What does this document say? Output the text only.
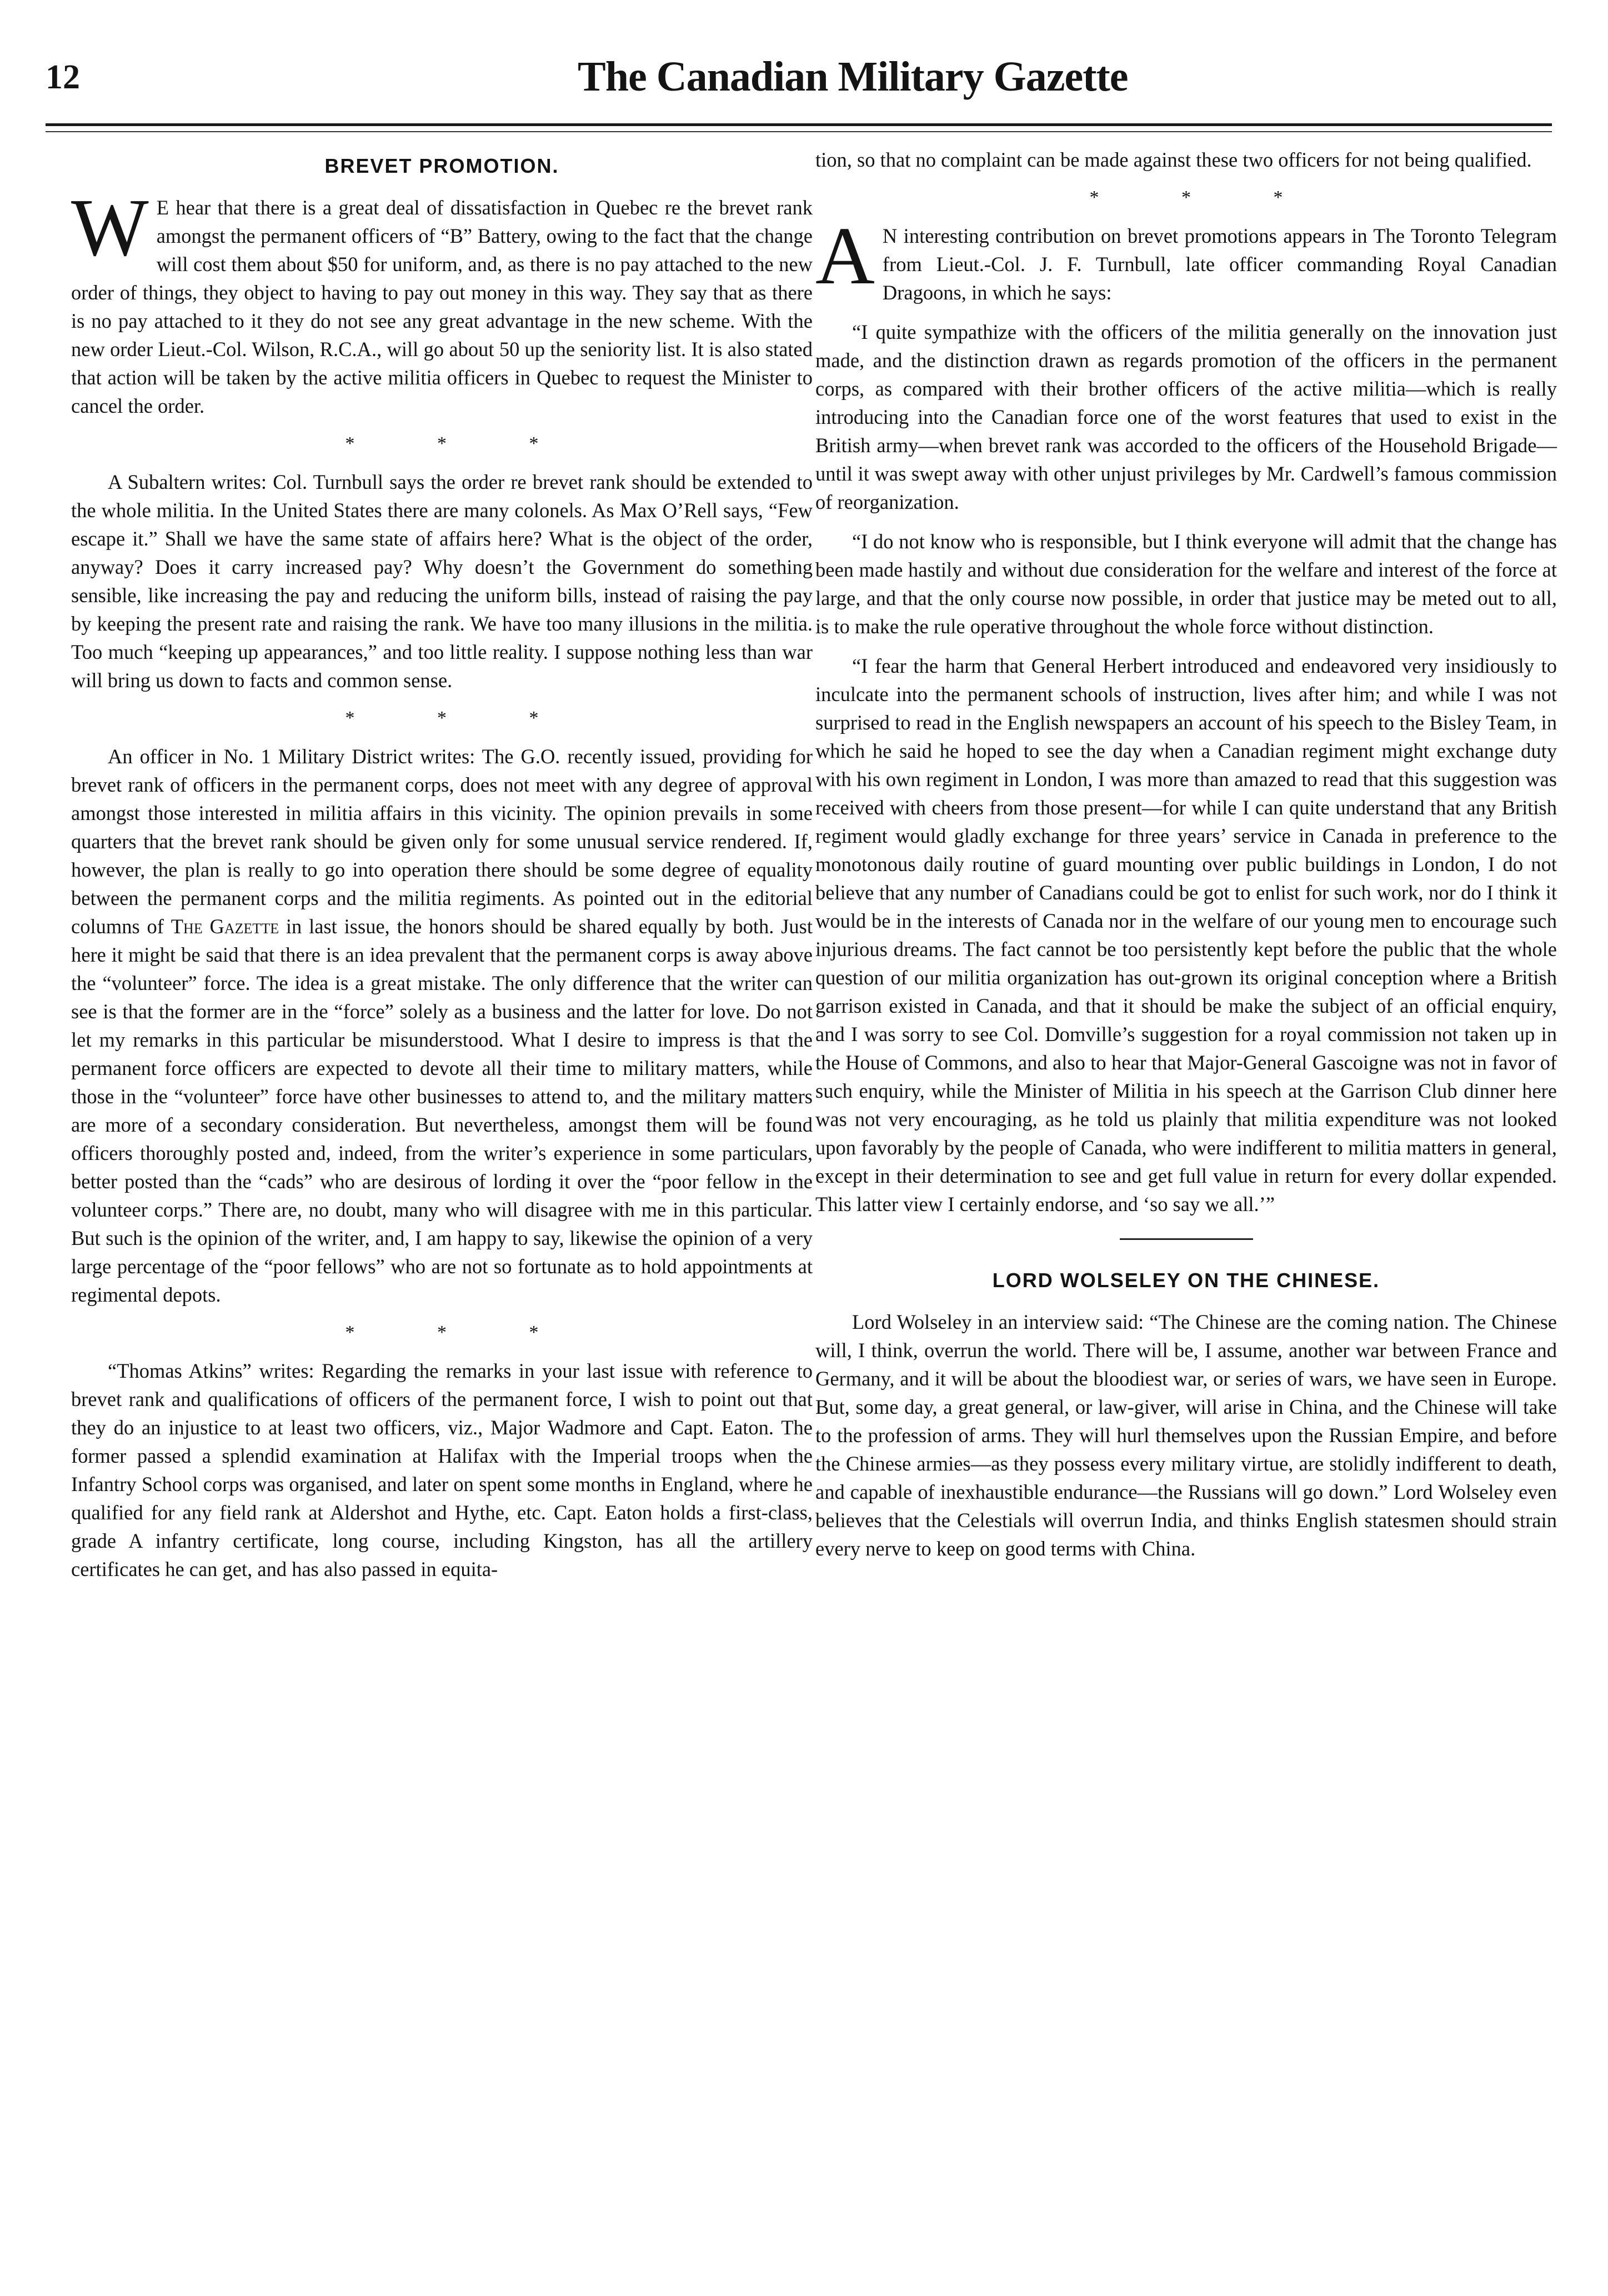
12	The Canadian Military Gazette
BREVET PROMOTION.

WE hear that there is a great deal of dissatisfaction in Quebec re the brevet rank amongst the permanent officers of “B” Battery, owing to the fact that the change will cost them about $50 for uniform, and, as there is no pay attached to the new order of things, they object to having to pay out money in this way. They say that as there is no pay attached to it they do not see any great advantage in the new scheme. With the new order Lieut.-Col. Wilson, R.C.A., will go about 50 up the seniority list. It is also stated that action will be taken by the active militia officers in Quebec to request the Minister to cancel the order.

* * *

A Subaltern writes: Col. Turnbull says the order re brevet rank should be extended to the whole militia. In the United States there are many colonels. As Max O’Rell says, “Few escape it.” Shall we have the same state of affairs here? What is the object of the order, anyway? Does it carry increased pay? Why doesn’t the Government do something sensible, like increasing the pay and reducing the uniform bills, instead of raising the pay by keeping the present rate and raising the rank. We have too many illusions in the militia. Too much “keeping up appearances,” and too little reality. I suppose nothing less than war will bring us down to facts and common sense.

* * *

An officer in No. 1 Military District writes: The G.O. recently issued, providing for brevet rank of officers in the permanent corps, does not meet with any degree of approval amongst those interested in militia affairs in this vicinity. The opinion prevails in some quarters that the brevet rank should be given only for some unusual service rendered. If, however, the plan is really to go into operation there should be some degree of equality between the permanent corps and the militia regiments. As pointed out in the editorial columns of The Gazette in last issue, the honors should be shared equally by both. Just here it might be said that there is an idea prevalent that the permanent corps is away above the “volunteer” force. The idea is a great mistake. The only difference that the writer can see is that the former are in the “force” solely as a business and the latter for love. Do not let my remarks in this particular be misunderstood. What I desire to impress is that the permanent force officers are expected to devote all their time to military matters, while those in the “volunteer” force have other businesses to attend to, and the military matters are more of a secondary consideration. But nevertheless, amongst them will be found officers thoroughly posted and, indeed, from the writer’s experience in some particulars, better posted than the “cads” who are desirous of lording it over the “poor fellow in the volunteer corps.” There are, no doubt, many who will disagree with me in this particular. But such is the opinion of the writer, and, I am happy to say, likewise the opinion of a very large percentage of the “poor fellows” who are not so fortunate as to hold appointments at regimental depots.

* * *

“Thomas Atkins” writes: Regarding the remarks in your last issue with reference to brevet rank and qualifications of officers of the permanent force, I wish to point out that they do an injustice to at least two officers, viz., Major Wadmore and Capt. Eaton. The former passed a splendid examination at Halifax with the Imperial troops when the Infantry School corps was organised, and later on spent some months in England, where he qualified for any field rank at Aldershot and Hythe, etc. Capt. Eaton holds a first-class, grade A infantry certificate, long course, including Kingston, has all the artillery certificates he can get, and has also passed in equita-

tion, so that no complaint can be made against these two officers for not being qualified.

* * *

AN interesting contribution on brevet promotions appears in The Toronto Telegram from Lieut.-Col. J. F. Turnbull, late officer commanding Royal Canadian Dragoons, in which he says:

“I quite sympathize with the officers of the militia generally on the innovation just made, and the distinction drawn as regards promotion of the officers in the permanent corps, as compared with their brother officers of the active militia—which is really introducing into the Canadian force one of the worst features that used to exist in the British army—when brevet rank was accorded to the officers of the Household Brigade—until it was swept away with other unjust privileges by Mr. Cardwell’s famous commission of reorganization.

“I do not know who is responsible, but I think everyone will admit that the change has been made hastily and without due consideration for the welfare and interest of the force at large, and that the only course now possible, in order that justice may be meted out to all, is to make the rule operative throughout the whole force without distinction.

“I fear the harm that General Herbert introduced and endeavored very insidiously to inculcate into the permanent schools of instruction, lives after him; and while I was not surprised to read in the English newspapers an account of his speech to the Bisley Team, in which he said he hoped to see the day when a Canadian regiment might exchange duty with his own regiment in London, I was more than amazed to read that this suggestion was received with cheers from those present—for while I can quite understand that any British regiment would gladly exchange for three years’ service in Canada in preference to the monotonous daily routine of guard mounting over public buildings in London, I do not believe that any number of Canadians could be got to enlist for such work, nor do I think it would be in the interests of Canada nor in the welfare of our young men to encourage such injurious dreams. The fact cannot be too persistently kept before the public that the whole question of our militia organization has out-grown its original conception where a British garrison existed in Canada, and that it should be make the subject of an official enquiry, and I was sorry to see Col. Domville’s suggestion for a royal commission not taken up in the House of Commons, and also to hear that Major-General Gascoigne was not in favor of such enquiry, while the Minister of Militia in his speech at the Garrison Club dinner here was not very encouraging, as he told us plainly that militia expenditure was not looked upon favorably by the people of Canada, who were indifferent to militia matters in general, except in their determination to see and get full value in return for every dollar expended. This latter view I certainly endorse, and ‘so say we all.’”

LORD WOLSELEY ON THE CHINESE.

Lord Wolseley in an interview said: “The Chinese are the coming nation. The Chinese will, I think, overrun the world. There will be, I assume, another war between France and Germany, and it will be about the bloodiest war, or series of wars, we have seen in Europe. But, some day, a great general, or law-giver, will arise in China, and the Chinese will take to the profession of arms. They will hurl themselves upon the Russian Empire, and before the Chinese armies—as they possess every military virtue, are stolidly indifferent to death, and capable of inexhaustible endurance—the Russians will go down.” Lord Wolseley even believes that the Celestials will overrun India, and thinks English statesmen should strain every nerve to keep on good terms with China.
